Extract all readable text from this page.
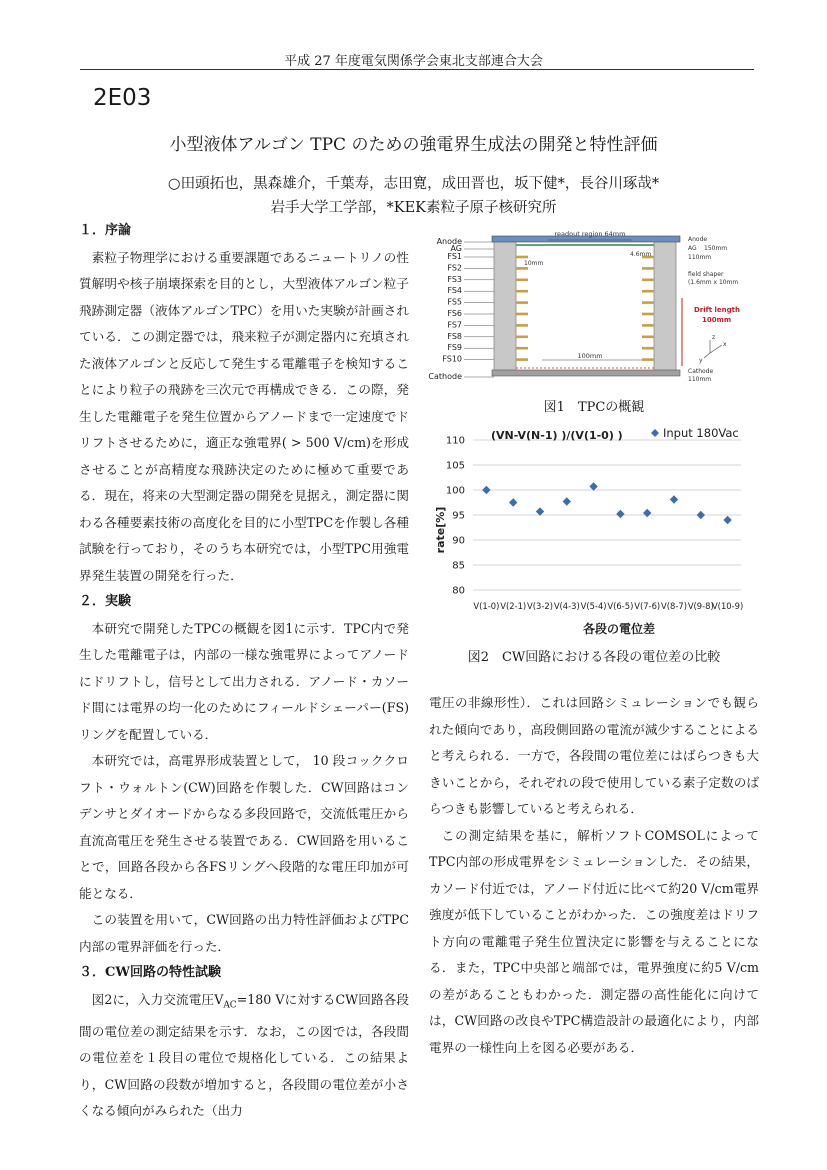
平成 27 年度電気関係学会東北支部連合大会
2E03
小型液体アルゴン TPC のための強電界生成法の開発と特性評価
○田頭拓也，黒森雄介，千葉寿，志田寛，成田晋也，坂下健*，長谷川琢哉*
岩手大学工学部，*KEK素粒子原子核研究所
１．序論

素粒子物理学における重要課題であるニュートリノの性質解明や核子崩壊探索を目的とし，大型液体アルゴン粒子飛跡測定器（液体アルゴンTPC）を用いた実験が計画されている．この測定器では，飛来粒子が測定器内に充填された液体アルゴンと反応して発生する電離電子を検知することにより粒子の飛跡を三次元で再構成できる．この際，発生した電離電子を発生位置からアノードまで一定速度でドリフトさせるために，適正な強電界( > 500 V/cm)を形成させることが高精度な飛跡決定のために極めて重要である．現在，将来の大型測定器の開発を見据え，測定器に関わる各種要素技術の高度化を目的に小型TPCを作製し各種試験を行っており，そのうち本研究では，小型TPC用強電界発生装置の開発を行った．

２．実験

本研究で開発したTPCの概観を図1に示す．TPC内で発生した電離電子は，内部の一様な強電界によってアノードにドリフトし，信号として出力される．アノード・カソード間には電界の均一化のためにフィールドシェーパー(FS)リングを配置している．

本研究では，高電界形成装置として， 10 段コッククロフト・ウォルトン(CW)回路を作製した．CW回路はコンデンサとダイオードからなる多段回路で，交流低電圧から直流高電圧を発生させる装置である．CW回路を用いることで，回路各段から各FSリングへ段階的な電圧印加が可能となる．

この装置を用いて，CW回路の出力特性評価およびTPC内部の電界評価を行った．

３．CW回路の特性試験

図2に，入力交流電圧$V_{AC}=180$ Vに対するCW回路各段間の電位差の測定結果を示す．なお，この図では，各段間の電位差を１段目の電位で規格化している．この結果より，CW回路の段数が増加すると，各段間の電位差が小さくなる傾向がみられた（出力

電圧の非線形性）．これは回路シミュレーションでも観られた傾向であり，高段側回路の電流が減少することによると考えられる．一方で，各段間の電位差にはばらつきも大きいことから，それぞれの段で使用している素子定数のばらつきも影響していると考えられる．

この測定結果を基に，解析ソフトCOMSOLによってTPC内部の形成電界をシミュレーションした．その結果，カソード付近では，アノード付近に比べて約20 V/cm電界強度が低下していることがわかった．この強度差はドリフト方向の電離電子発生位置決定に影響を与えることになる．また，TPC中央部と端部では，電界強度に約5 V/cmの差があることもわかった．測定器の高性能化に向けては，CW回路の改良やTPC構造設計の最適化により，内部電界の一様性向上を図る必要がある．

Anode
AG
FS1
FS2
FS3
FS4
FS5
FS6
FS7
FS8
FS9
FS10
Cathode
readout region 64mm
Anode
AG 150mm
110mm
4.6mm
10mm
field shaper
(1.6mm x 10mm
Drift length
100mm
100mm
Cathode
110mm
x
z
y
図1　TPCの概観
80
85
90
95
100
105
110
V(1-0) V(2-1) V(3-2) V(4-3) V(5-4) V(6-5) V(7-6) V(8-7) V(9-8)
V(10-9)
(VN-V(N-1) )/(V(1-0) )	Input 180Vac
rate[%]
各段の電位差
図2　CW回路における各段の電位差の比較
